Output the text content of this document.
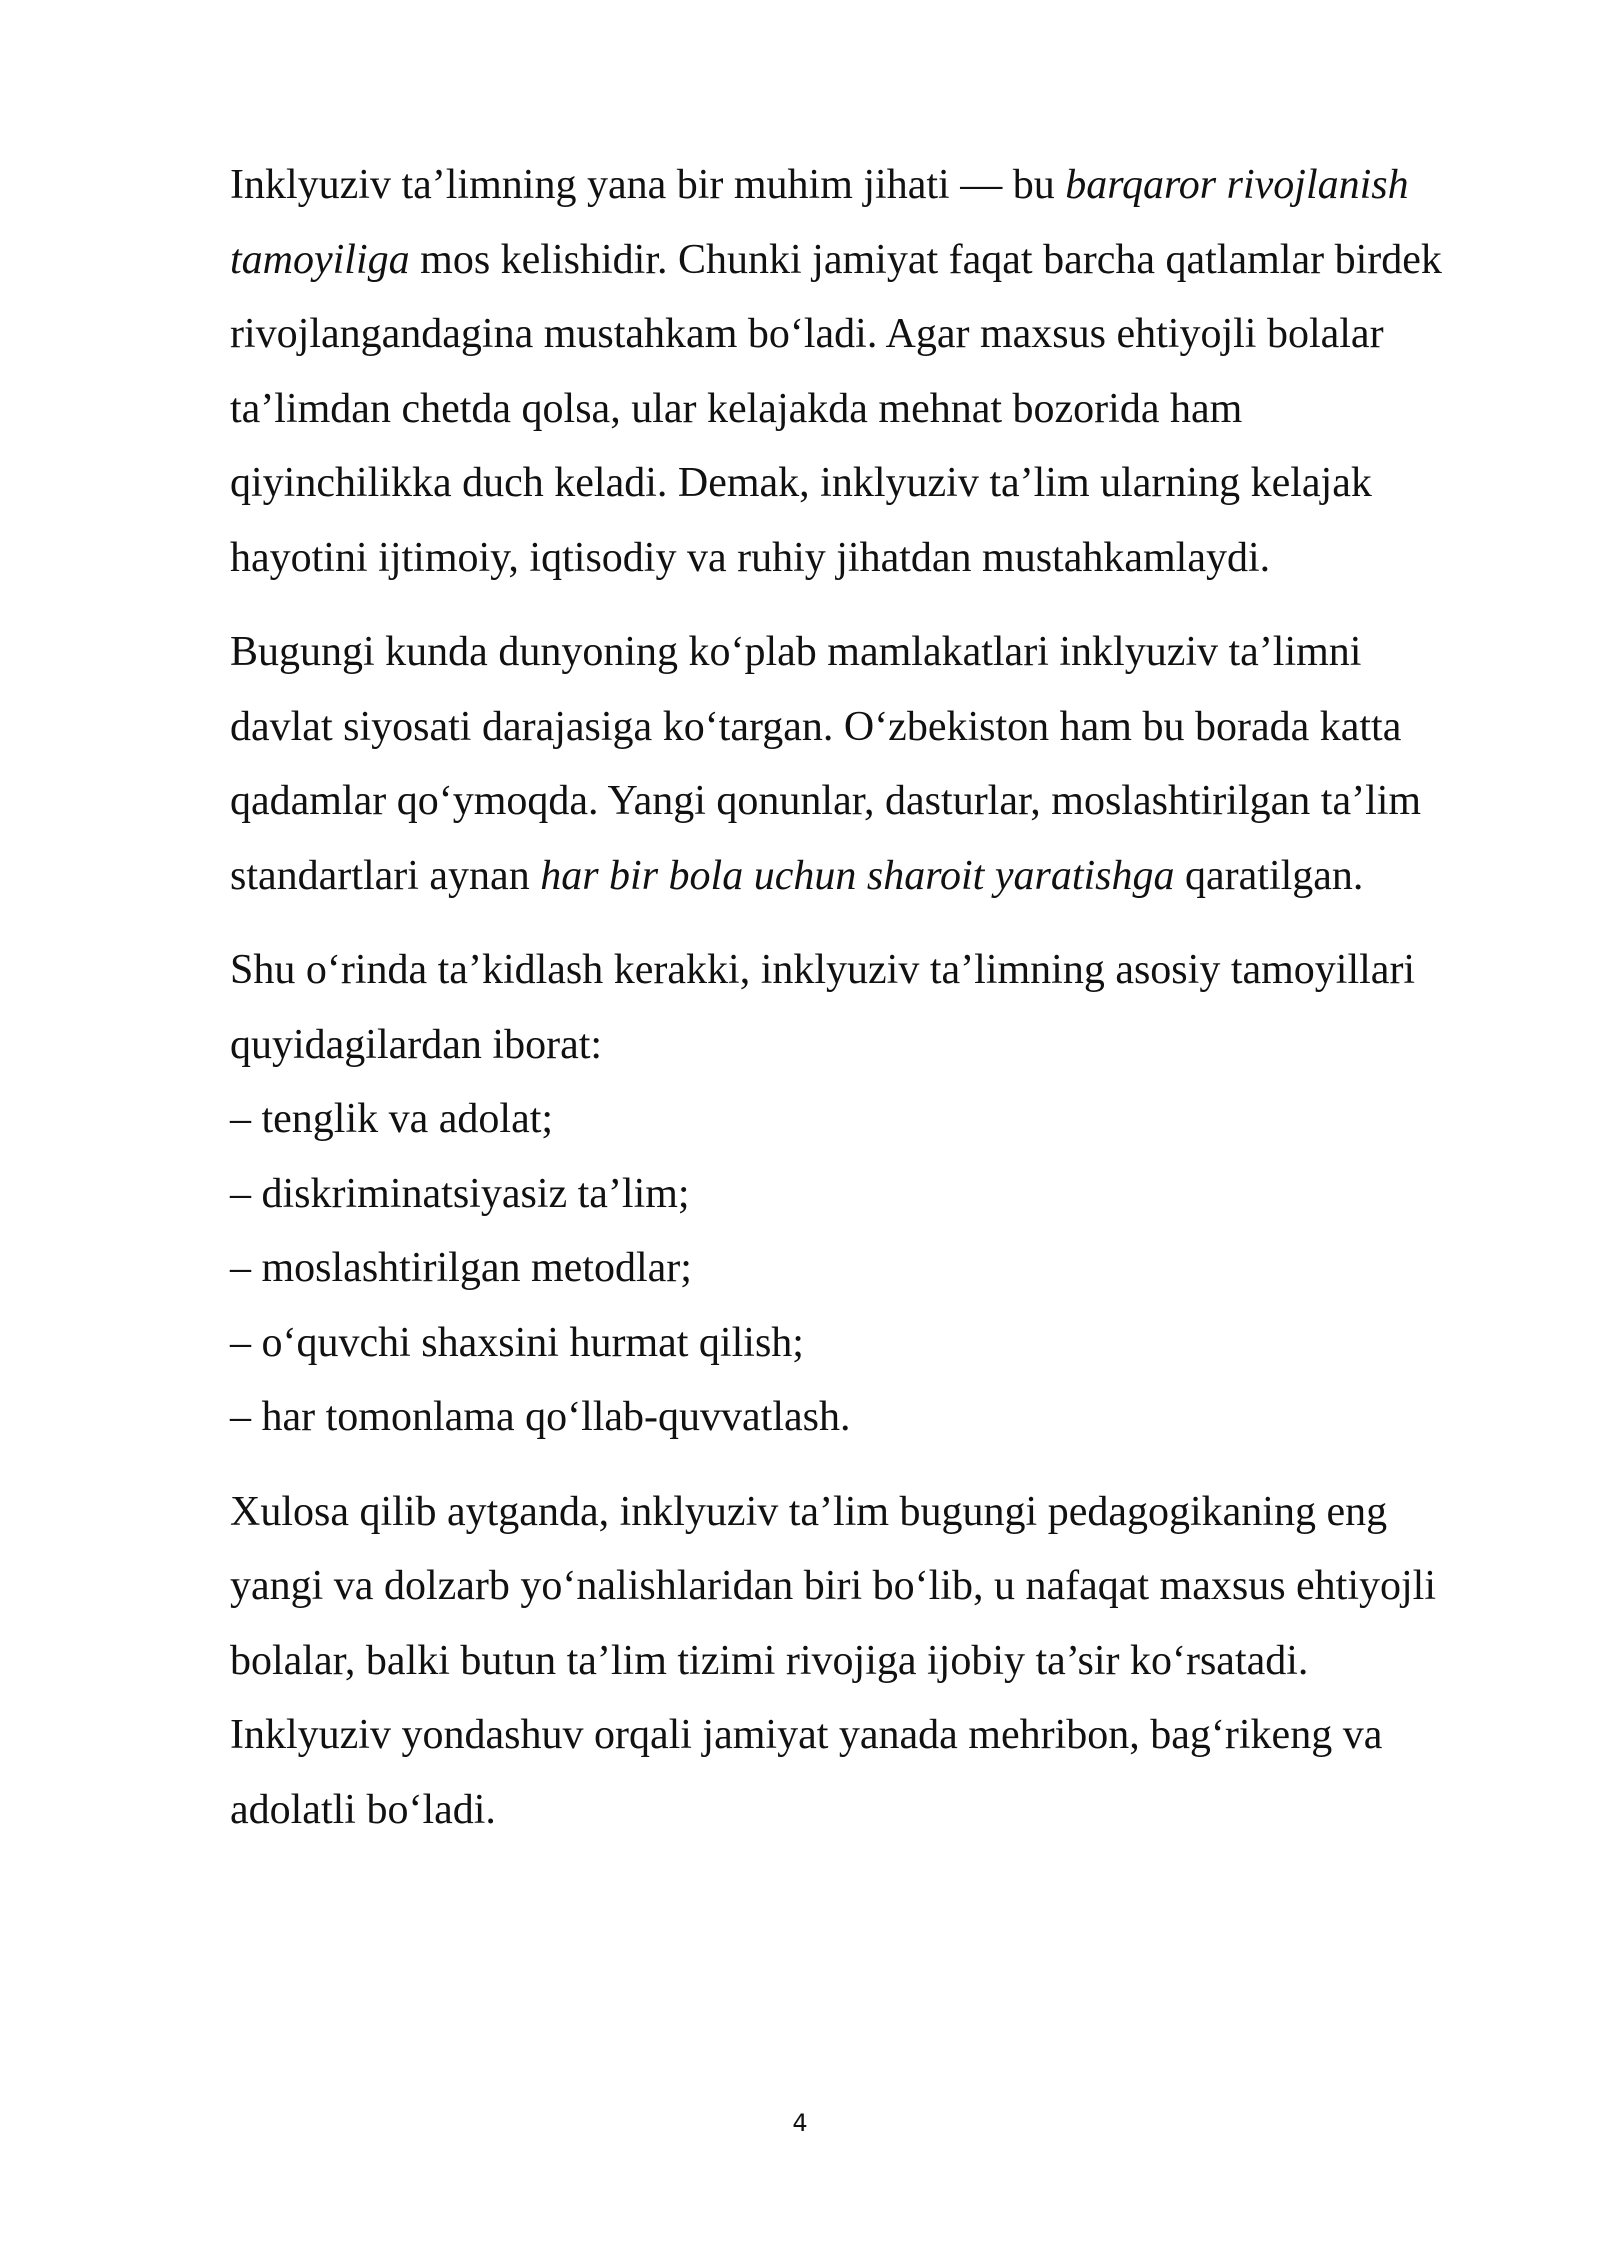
Inklyuziv ta’limning yana bir muhim jihati — bu barqaror rivojlanish
tamoyiliga mos kelishidir. Chunki jamiyat faqat barcha qatlamlar birdek
rivojlangandagina mustahkam bo‘ladi. Agar maxsus ehtiyojli bolalar
ta’limdan chetda qolsa, ular kelajakda mehnat bozorida ham
qiyinchilikka duch keladi. Demak, inklyuziv ta’lim ularning kelajak
hayotini ijtimoiy, iqtisodiy va ruhiy jihatdan mustahkamlaydi.
Bugungi kunda dunyoning ko‘plab mamlakatlari inklyuziv ta’limni
davlat siyosati darajasiga ko‘targan. O‘zbekiston ham bu borada katta
qadamlar qo‘ymoqda. Yangi qonunlar, dasturlar, moslashtirilgan ta’lim
standartlari aynan har bir bola uchun sharoit yaratishga qaratilgan.
Shu o‘rinda ta’kidlash kerakki, inklyuziv ta’limning asosiy tamoyillari
quyidagilardan iborat:
– tenglik va adolat;
– diskriminatsiyasiz ta’lim;
– moslashtirilgan metodlar;
– o‘quvchi shaxsini hurmat qilish;
– har tomonlama qo‘llab-quvvatlash.
Xulosa qilib aytganda, inklyuziv ta’lim bugungi pedagogikaning eng
yangi va dolzarb yo‘nalishlaridan biri bo‘lib, u nafaqat maxsus ehtiyojli
bolalar, balki butun ta’lim tizimi rivojiga ijobiy ta’sir ko‘rsatadi.
Inklyuziv yondashuv orqali jamiyat yanada mehribon, bag‘rikeng va
adolatli bo‘ladi.
4
